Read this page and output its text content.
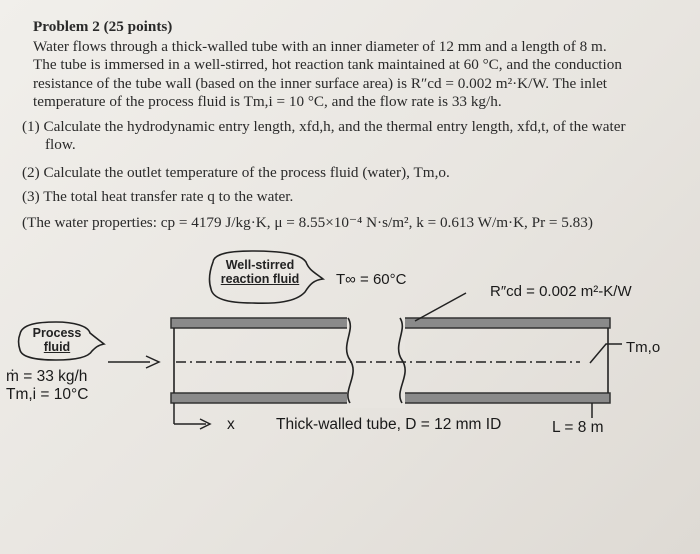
Problem 2 (25 points)
Water flows through a thick-walled tube with an inner diameter of 12 mm and a length of 8 m.
The tube is immersed in a well-stirred, hot reaction tank maintained at 60 °C, and the conduction
resistance of the tube wall (based on the inner surface area) is R″cd = 0.002 m²·K/W. The inlet
temperature of the process fluid is Tm,i = 10 °C, and the flow rate is 33 kg/h.
(1) Calculate the hydrodynamic entry length, xfd,h, and the thermal entry length, xfd,t, of the water
flow.
(2) Calculate the outlet temperature of the process fluid (water), Tm,o.
(3) The total heat transfer rate q to the water.
(The water properties: cp = 4179 J/kg·K, μ = 8.55×10⁻⁴ N·s/m², k = 0.613 W/m·K, Pr = 5.83)
Well-stirred
reaction fluid	T∞ = 60°C
R″cd = 0.002 m²-K/W
Process
fluid	Tm,o
ṁ = 33 kg/h
Tm,i = 10°C
x	Thick-walled tube, D = 12 mm ID	L = 8 m
